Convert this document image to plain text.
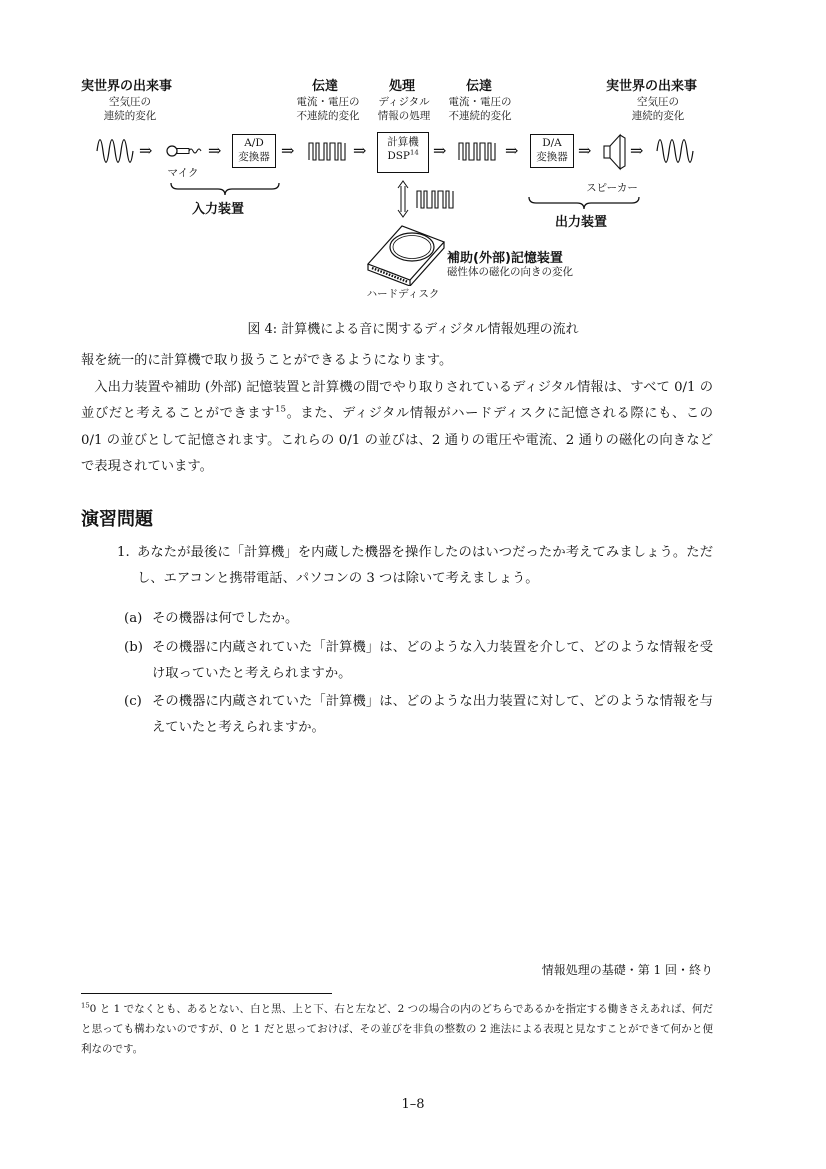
実世界の出来事
空気圧の
連続的変化
伝達
電流・電圧の
不連続的変化
処理
ディジタル
情報の処理
伝達
電流・電圧の
不連続的変化
実世界の出来事
空気圧の
連続的変化
⇒
マイク
⇒	A/D
変換器 ⇒	⇒	計算機
DSP$^{14}$ ⇒	⇒	D/A
変換器 ⇒
スピーカー
⇒
入力装置
出力装置
ハードディスク
補助(外部)記憶装置
磁性体の磁化の向きの変化
図 4: 計算機による音に関するディジタル情報処理の流れ
報を統一的に計算機で取り扱うことができるようになります。
入出力装置や補助 (外部) 記憶装置と計算機の間でやり取りされているディジタル情報は、すべて 0/1 の並びだと考えることができます$^{15}$。また、ディジタル情報がハードディスクに記憶される際にも、この 0/1 の並びとして記憶されます。これらの 0/1 の並びは、2 通りの電圧や電流、2 通りの磁化の向きなどで表現されています。
演習問題
1. あなたが最後に「計算機」を内蔵した機器を操作したのはいつだったか考えてみましょう。ただし、エアコンと携帯電話、パソコンの 3 つは除いて考えましょう。
(a) その機器は何でしたか。
(b) その機器に内蔵されていた「計算機」は、どのような入力装置を介して、どのような情報を受け取っていたと考えられますか。
(c) その機器に内蔵されていた「計算機」は、どのような出力装置に対して、どのような情報を与えていたと考えられますか。
情報処理の基礎・第 1 回・終り
$^{15}$0 と 1 でなくとも、あるとない、白と黒、上と下、右と左など、2 つの場合の内のどちらであるかを指定する働きさえあれば、何だと思っても構わないのですが、0 と 1 だと思っておけば、その並びを非負の整数の 2 進法による表現と見なすことができて何かと便利なのです。
1–8
